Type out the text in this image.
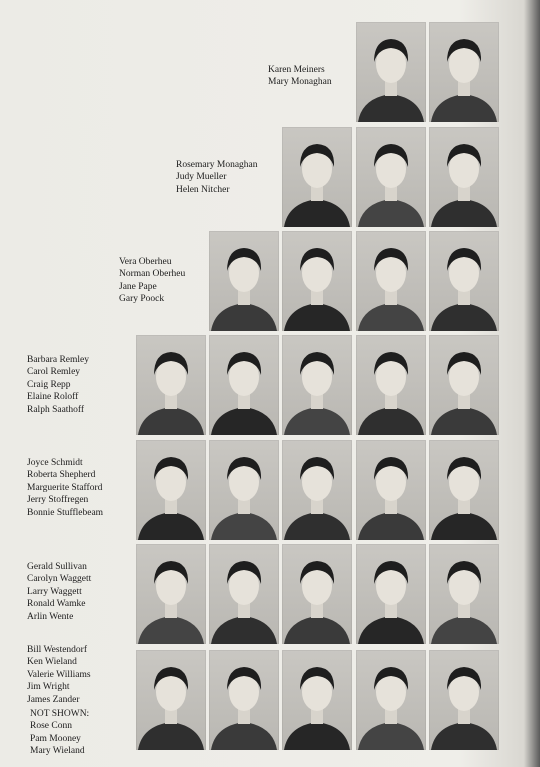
Karen Meiners
Mary Monaghan
Rosemary Monaghan
Judy Mueller
Helen Nitcher
Vera Oberheu
Norman Oberheu
Jane Pape
Gary Poock
Barbara Remley
Carol Remley
Craig Repp
Elaine Roloff
Ralph Saathoff
Joyce Schmidt
Roberta Shepherd
Marguerite Stafford
Jerry Stoffregen
Bonnie Stufflebeam
Gerald Sullivan
Carolyn Waggett
Larry Waggett
Ronald Wamke
Arlin Wente
Bill Westendorf
Ken Wieland
Valerie Williams
Jim Wright
James Zander
NOT SHOWN:
Rose Conn
Pam Mooney
Mary Wieland
